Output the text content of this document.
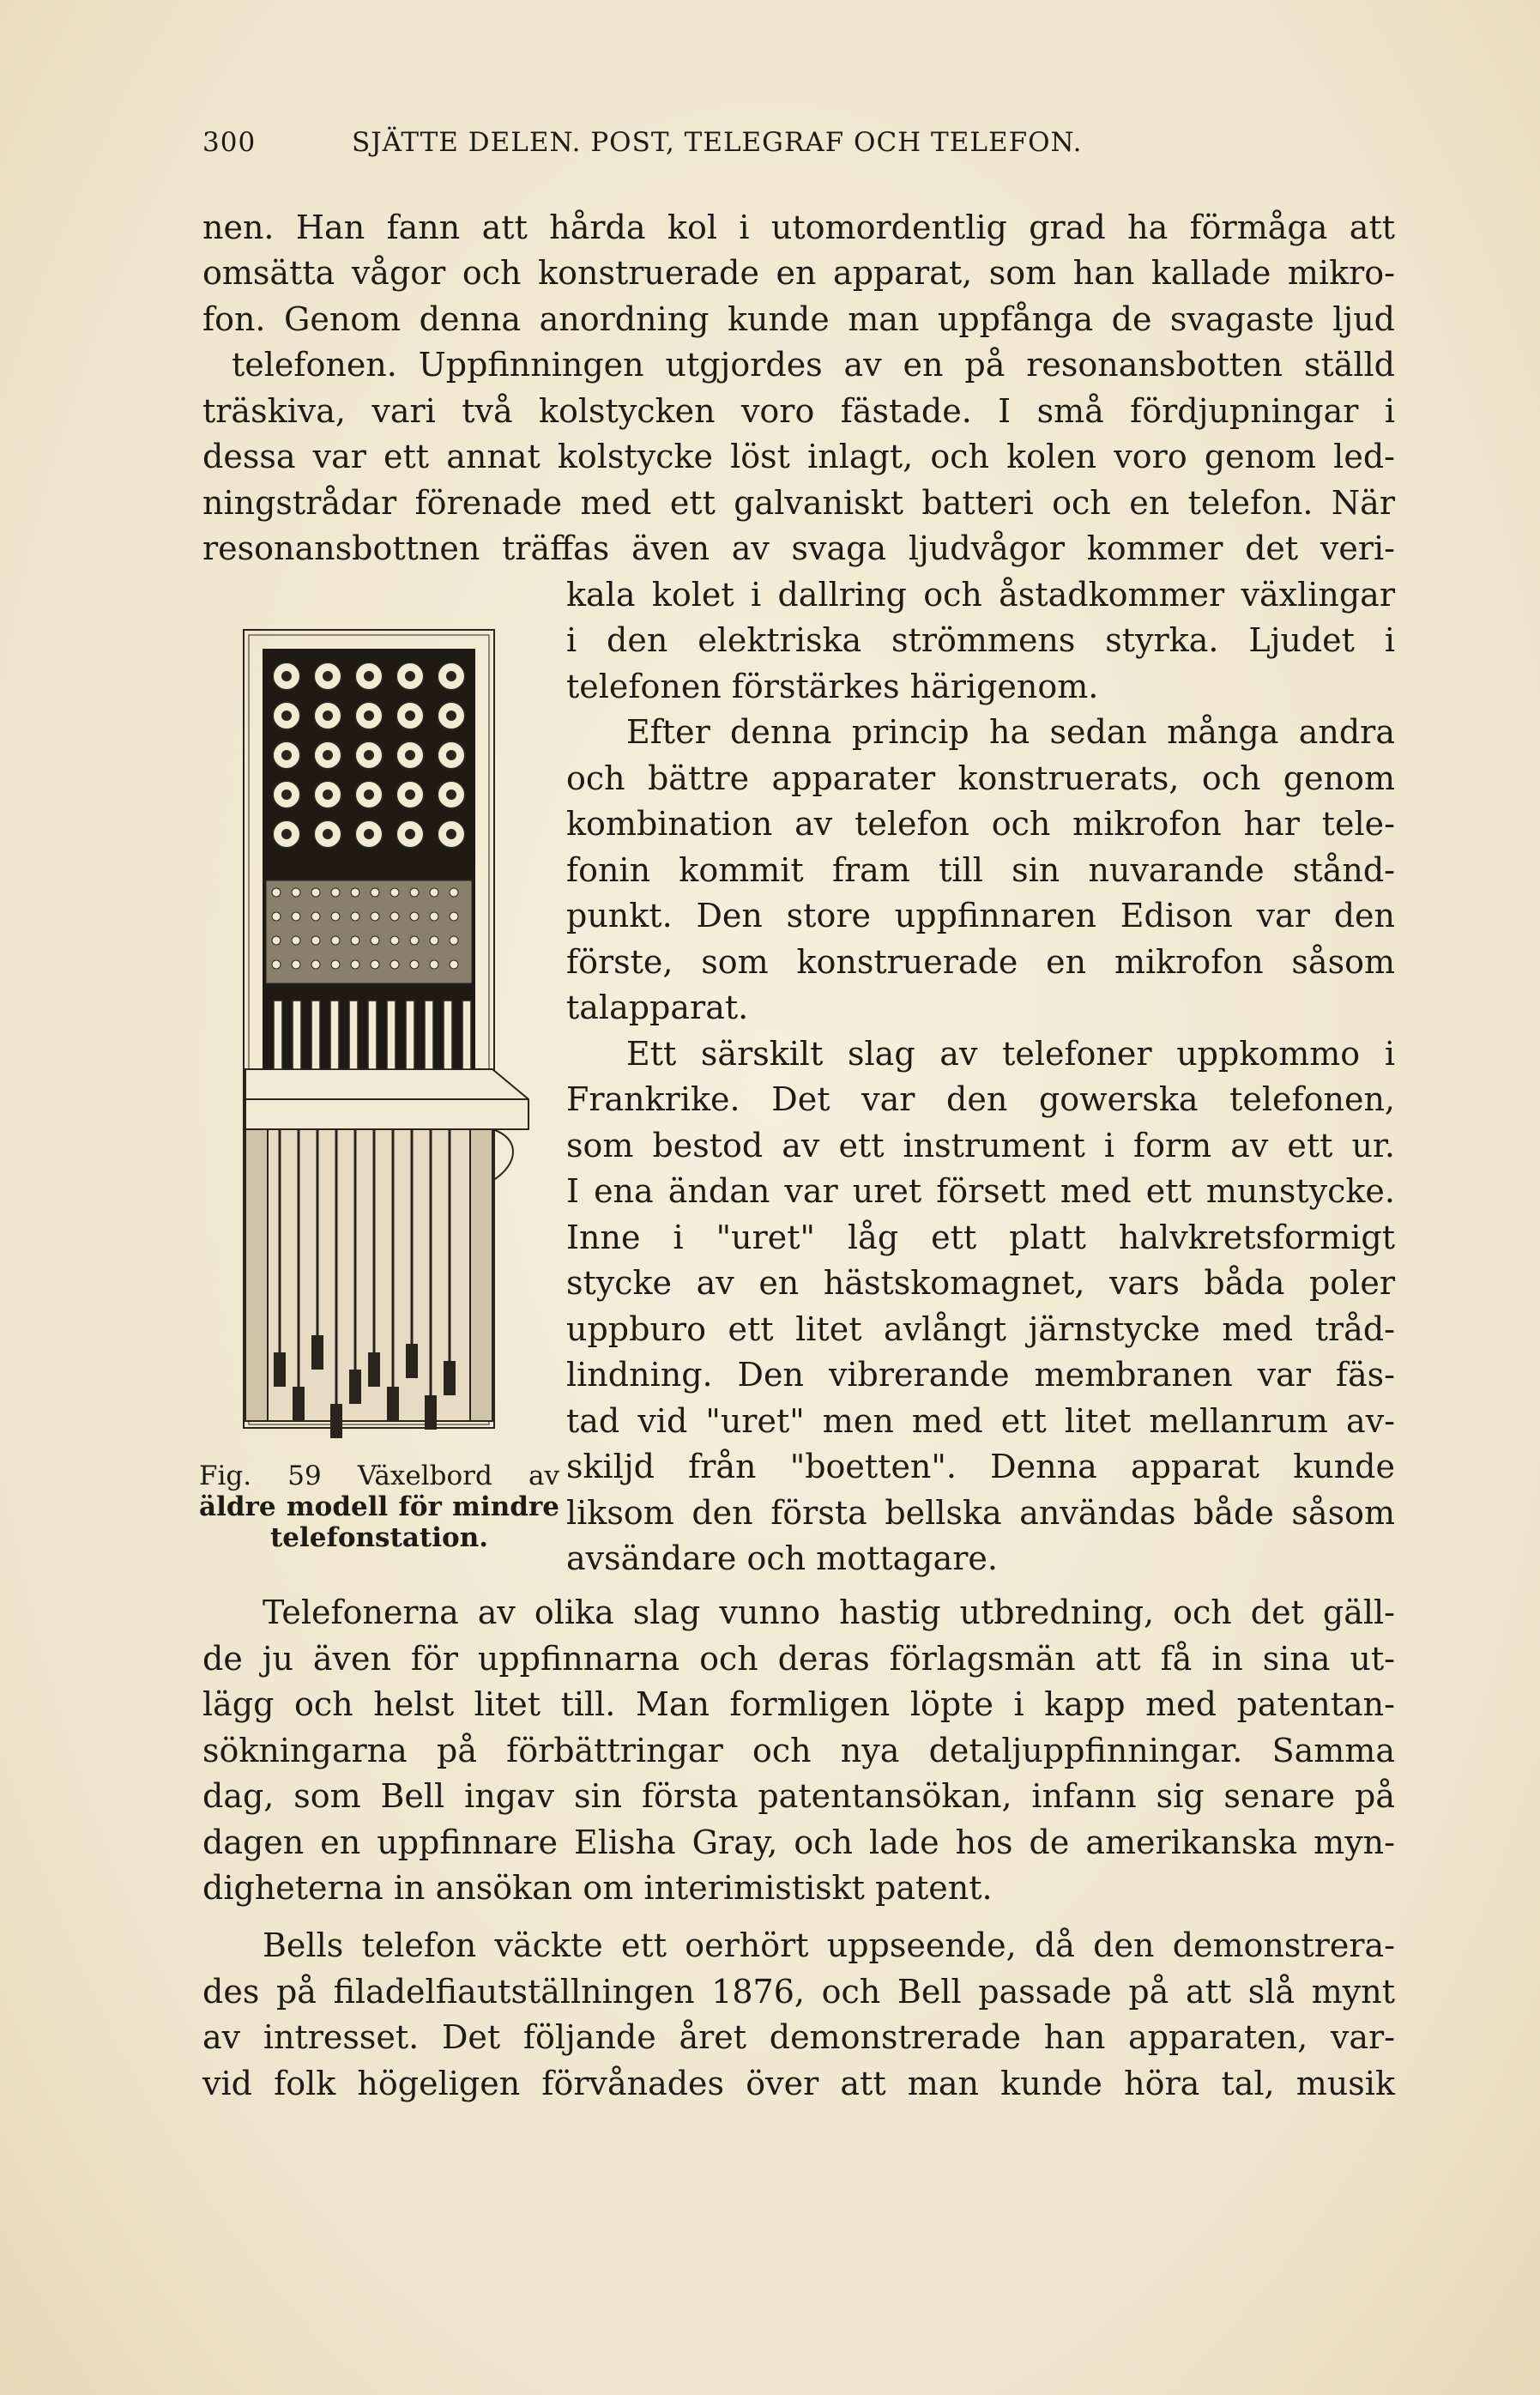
300	SJÄTTE DELEN. POST, TELEGRAF OCH TELEFON.
nen. Han fann att hårda kol i utomordentlig grad ha förmåga att
omsätta vågor och konstruerade en apparat, som han kallade mikro-
fon. Genom denna anordning kunde man uppfånga de svagaste ljud
telefonen. Uppfinningen utgjordes av en på resonansbotten ställd
träskiva, vari två kolstycken voro fästade. I små fördjupningar i
dessa var ett annat kolstycke löst inlagt, och kolen voro genom led-
ningstrådar förenade med ett galvaniskt batteri och en telefon. När
resonansbottnen träffas även av svaga ljudvågor kommer det veri-
kala kolet i dallring och åstadkommer växlingar
i den elektriska strömmens styrka. Ljudet i
telefonen förstärkes härigenom.
Efter denna princip ha sedan många andra
och bättre apparater konstruerats, och genom
kombination av telefon och mikrofon har tele-
fonin kommit fram till sin nuvarande stånd-
punkt. Den store uppfinnaren Edison var den
förste, som konstruerade en mikrofon såsom
talapparat.
Ett särskilt slag av telefoner uppkommo i
Frankrike. Det var den gowerska telefonen,
som bestod av ett instrument i form av ett ur.
I ena ändan var uret försett med ett munstycke.
Inne i "uret" låg ett platt halvkretsformigt
stycke av en hästskomagnet, vars båda poler
uppburo ett litet avlångt järnstycke med tråd-
lindning. Den vibrerande membranen var fäs-
tad vid "uret" men med ett litet mellanrum av-
skiljd från "boetten". Denna apparat kunde
liksom den första bellska användas både såsom
avsändare och mottagare.
Fig. 59 Växelbord av
äldre modell för mindre
telefonstation.
Telefonerna av olika slag vunno hastig utbredning, och det gäll-
de ju även för uppfinnarna och deras förlagsmän att få in sina ut-
lägg och helst litet till. Man formligen löpte i kapp med patentan-
sökningarna på förbättringar och nya detaljuppfinningar. Samma
dag, som Bell ingav sin första patentansökan, infann sig senare på
dagen en uppfinnare Elisha Gray, och lade hos de amerikanska myn-
digheterna in ansökan om interimistiskt patent.
Bells telefon väckte ett oerhört uppseende, då den demonstrera-
des på filadelfiautställningen 1876, och Bell passade på att slå mynt
av intresset. Det följande året demonstrerade han apparaten, var-
vid folk högeligen förvånades över att man kunde höra tal, musik
